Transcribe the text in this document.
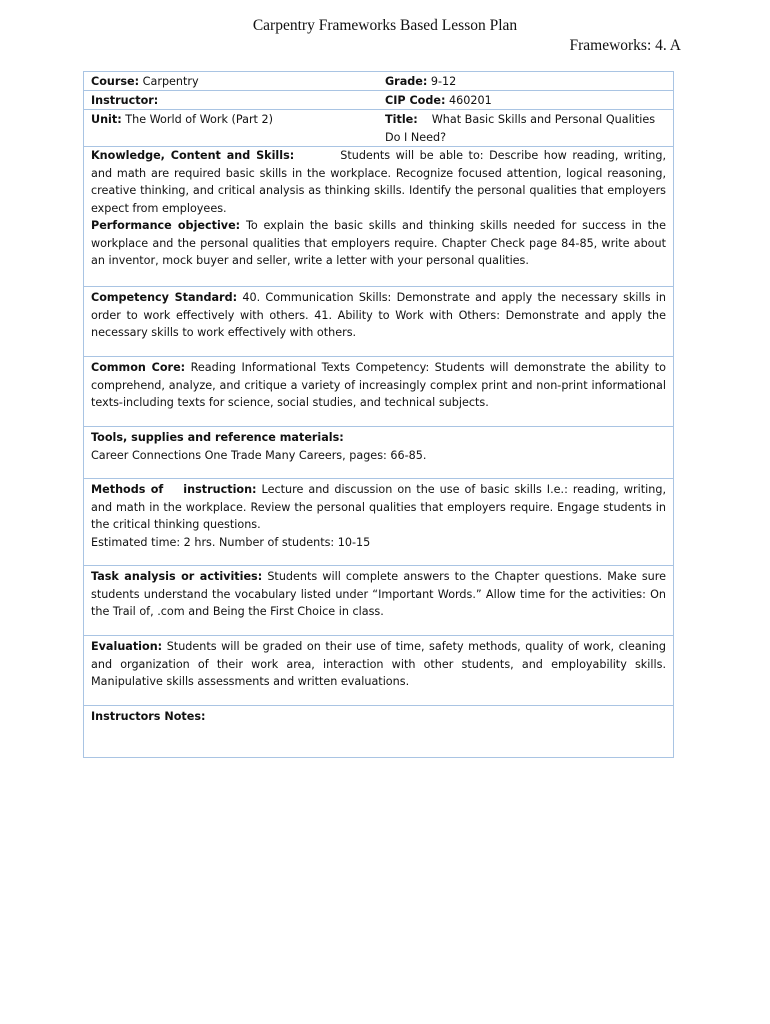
Carpentry Frameworks Based Lesson Plan
Frameworks: 4. A
Course: Carpentry	Grade: 9-12
Instructor:	CIP Code: 460201
Unit: The World of Work (Part 2)	Title: What Basic Skills and Personal Qualities Do I Need?

Knowledge, Content and Skills:	Students will be able to: Describe how reading, writing, and math are required basic skills in the workplace. Recognize focused attention, logical reasoning, creative thinking, and critical analysis as thinking skills. Identify the personal qualities that employers expect from employees.

Performance objective: To explain the basic skills and thinking skills needed for success in the workplace and the personal qualities that employers require. Chapter Check page 84-85, write about an inventor, mock buyer and seller, write a letter with your personal qualities.

Competency Standard: 40. Communication Skills: Demonstrate and apply the necessary skills in order to work effectively with others. 41. Ability to Work with Others: Demonstrate and apply the necessary skills to work effectively with others.

Common Core: Reading Informational Texts Competency: Students will demonstrate the ability to comprehend, analyze, and critique a variety of increasingly complex print and non-print informational texts-including texts for science, social studies, and technical subjects.

Tools, supplies and reference materials:

Career Connections One Trade Many Careers, pages: 66-85.

Methods of instruction: Lecture and discussion on the use of basic skills I.e.: reading, writing, and math in the workplace. Review the personal qualities that employers require. Engage students in the critical thinking questions.

Estimated time: 2 hrs. Number of students: 10-15

Task analysis or activities: Students will complete answers to the Chapter questions. Make sure students understand the vocabulary listed under “Important Words.” Allow time for the activities: On the Trail of, .com and Being the First Choice in class.

Evaluation: Students will be graded on their use of time, safety methods, quality of work, cleaning and organization of their work area, interaction with other students, and employability skills. Manipulative skills assessments and written evaluations.

Instructors Notes:
